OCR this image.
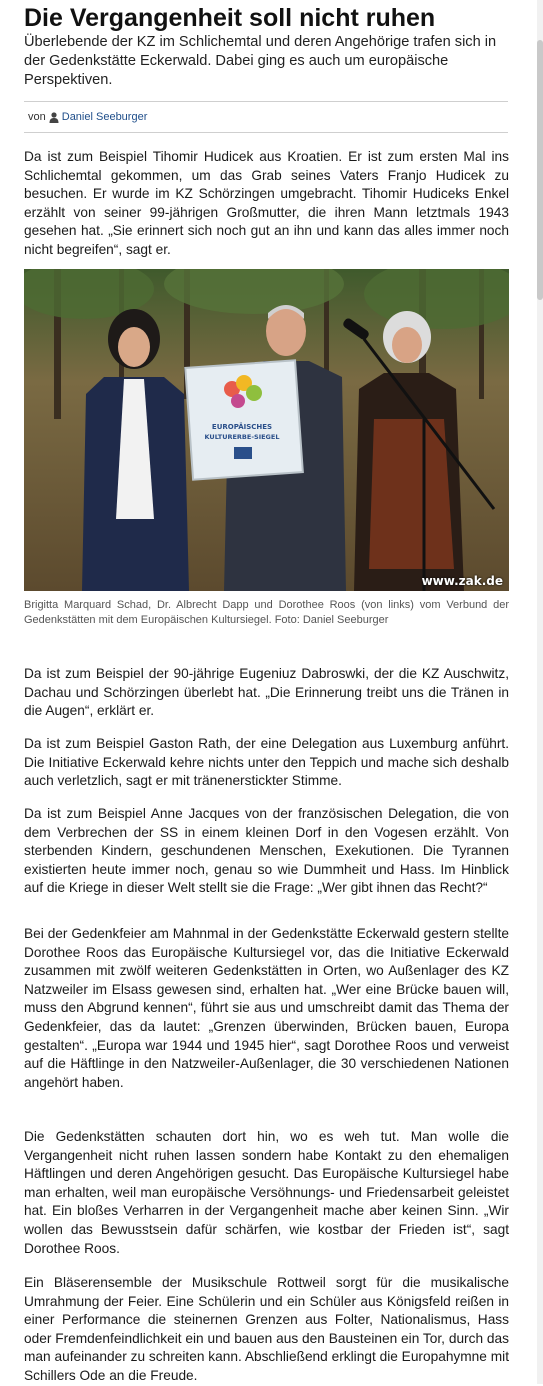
Die Vergangenheit soll nicht ruhen
Überlebende der KZ im Schlichemtal und deren Angehörige trafen sich in der Gedenkstätte Eckerwald. Dabei ging es auch um europäische Perspektiven.
von Daniel Seeburger

Da ist zum Beispiel Tihomir Hudicek aus Kroatien. Er ist zum ersten Mal ins Schlichemtal gekommen, um das Grab seines Vaters Franjo Hudicek zu besuchen. Er wurde im KZ Schörzingen umgebracht. Tihomir Hudiceks Enkel erzählt von seiner 99-jährigen Großmutter, die ihren Mann letztmals 1943 gesehen hat. „Sie erinnert sich noch gut an ihn und kann das alles immer noch nicht begreifen“, sagt er.

EUROPÄISCHES
KULTURERBE-SIEGEL
www.zak.de
Brigitta Marquard Schad, Dr. Albrecht Dapp und Dorothee Roos (von links) vom Verbund der Gedenkstätten mit dem Europäischen Kultursiegel. Foto: Daniel Seeburger

Da ist zum Beispiel der 90-jährige Eugeniuz Dabroswki, der die KZ Auschwitz, Dachau und Schörzingen überlebt hat. „Die Erinnerung treibt uns die Tränen in die Augen“, erklärt er.

Da ist zum Beispiel Gaston Rath, der eine Delegation aus Luxemburg anführt. Die Initiative Eckerwald kehre nichts unter den Teppich und mache sich deshalb auch verletzlich, sagt er mit tränenerstickter Stimme.

Da ist zum Beispiel Anne Jacques von der französischen Delegation, die von dem Verbrechen der SS in einem kleinen Dorf in den Vogesen erzählt. Von sterbenden Kindern, geschundenen Menschen, Exekutionen. Die Tyrannen existierten heute immer noch, genau so wie Dummheit und Hass. Im Hinblick auf die Kriege in dieser Welt stellt sie die Frage: „Wer gibt ihnen das Recht?“

Bei der Gedenkfeier am Mahnmal in der Gedenkstätte Eckerwald gestern stellte Dorothee Roos das Europäische Kultursiegel vor, das die Initiative Eckerwald zusammen mit zwölf weiteren Gedenkstätten in Orten, wo Außenlager des KZ Natzweiler im Elsass gewesen sind, erhalten hat. „Wer eine Brücke bauen will, muss den Abgrund kennen“, führt sie aus und umschreibt damit das Thema der Gedenkfeier, das da lautet: „Grenzen überwinden, Brücken bauen, Europa gestalten“. „Europa war 1944 und 1945 hier“, sagt Dorothee Roos und verweist auf die Häftlinge in den Natzweiler-Außenlager, die 30 verschiedenen Nationen angehört haben.

Die Gedenkstätten schauten dort hin, wo es weh tut. Man wolle die Vergangenheit nicht ruhen lassen sondern habe Kontakt zu den ehemaligen Häftlingen und deren Angehörigen gesucht. Das Europäische Kultursiegel habe man erhalten, weil man europäische Versöhnungs- und Friedensarbeit geleistet hat. Ein bloßes Verharren in der Vergangenheit mache aber keinen Sinn. „Wir wollen das Bewusstsein dafür schärfen, wie kostbar der Frieden ist“, sagt Dorothee Roos.

Ein Bläserensemble der Musikschule Rottweil sorgt für die musikalische Umrahmung der Feier. Eine Schülerin und ein Schüler aus Königsfeld reißen in einer Performance die steinernen Grenzen aus Folter, Nationalismus, Hass oder Fremdenfeindlichkeit ein und bauen aus den Bausteinen ein Tor, durch das man aufeinander zu schreiten kann. Abschließend erklingt die Europahymne mit Schillers Ode an die Freude.
